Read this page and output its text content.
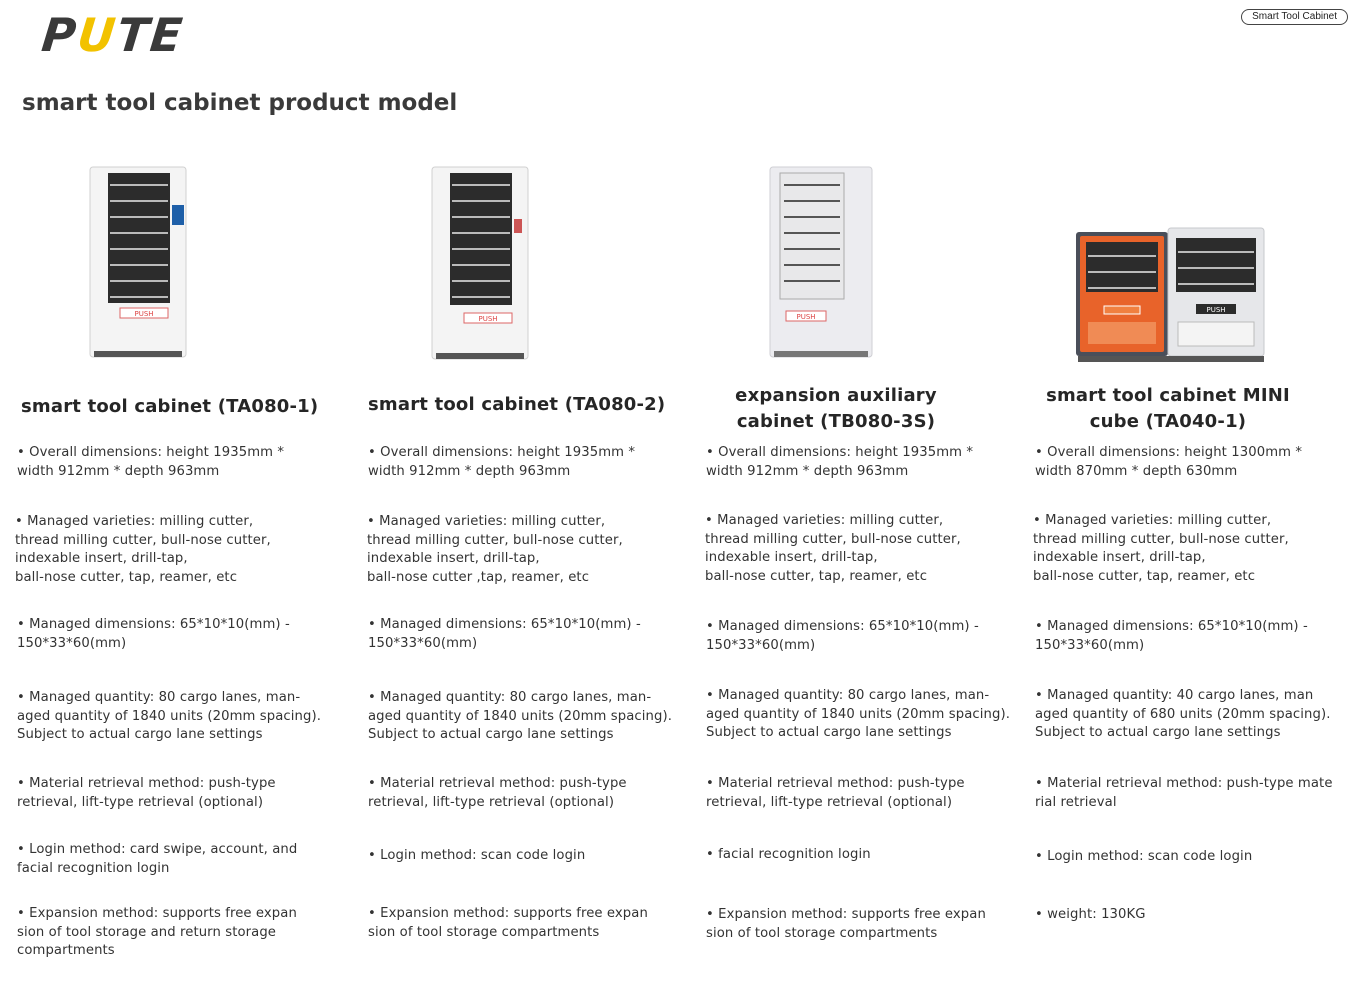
PUTE	Smart Tool Cabinet
smart tool cabinet product model
PUSH
smart tool cabinet (TA080-1)

• Overall dimensions: height 1935mm *
width 912mm * depth 963mm

• Managed varieties: milling cutter,
thread milling cutter, bull-nose cutter,
indexable insert, drill-tap,
ball-nose cutter, tap, reamer, etc

• Managed dimensions: 65*10*10(mm) -
150*33*60(mm)

• Managed quantity: 80 cargo lanes, man-
aged quantity of 1840 units (20mm spacing).
Subject to actual cargo lane settings

• Material retrieval method: push-type
retrieval, lift-type retrieval (optional)

• Login method: card swipe, account, and
facial recognition login

• Expansion method: supports free expan
sion of tool storage and return storage
compartments

PUSH
smart tool cabinet (TA080-2)

• Overall dimensions: height 1935mm *
width 912mm * depth 963mm

• Managed varieties: milling cutter,
thread milling cutter, bull-nose cutter,
indexable insert, drill-tap,
ball-nose cutter ,tap, reamer, etc

• Managed dimensions: 65*10*10(mm) -
150*33*60(mm)

• Managed quantity: 80 cargo lanes, man-
aged quantity of 1840 units (20mm spacing).
Subject to actual cargo lane settings

• Material retrieval method: push-type
retrieval, lift-type retrieval (optional)

• Login method: scan code login

• Expansion method: supports free expan
sion of tool storage compartments

PUSH
expansion auxiliary cabinet (TB080-3S)

• Overall dimensions: height 1935mm *
width 912mm * depth 963mm

• Managed varieties: milling cutter,
thread milling cutter, bull-nose cutter,
indexable insert, drill-tap,
ball-nose cutter, tap, reamer, etc

• Managed dimensions: 65*10*10(mm) -
150*33*60(mm)

• Managed quantity: 80 cargo lanes, man-
aged quantity of 1840 units (20mm spacing).
Subject to actual cargo lane settings

• Material retrieval method: push-type
retrieval, lift-type retrieval (optional)

• facial recognition login

• Expansion method: supports free expan
sion of tool storage compartments

PUSH
smart tool cabinet MINI cube (TA040-1)

• Overall dimensions: height 1300mm *
width 870mm * depth 630mm

• Managed varieties: milling cutter,
thread milling cutter, bull-nose cutter,
indexable insert, drill-tap,
ball-nose cutter, tap, reamer, etc

• Managed dimensions: 65*10*10(mm) -
150*33*60(mm)

• Managed quantity: 40 cargo lanes, man
aged quantity of 680 units (20mm spacing).
Subject to actual cargo lane settings

• Material retrieval method: push-type mate
rial retrieval

• Login method: scan code login

• weight: 130KG
